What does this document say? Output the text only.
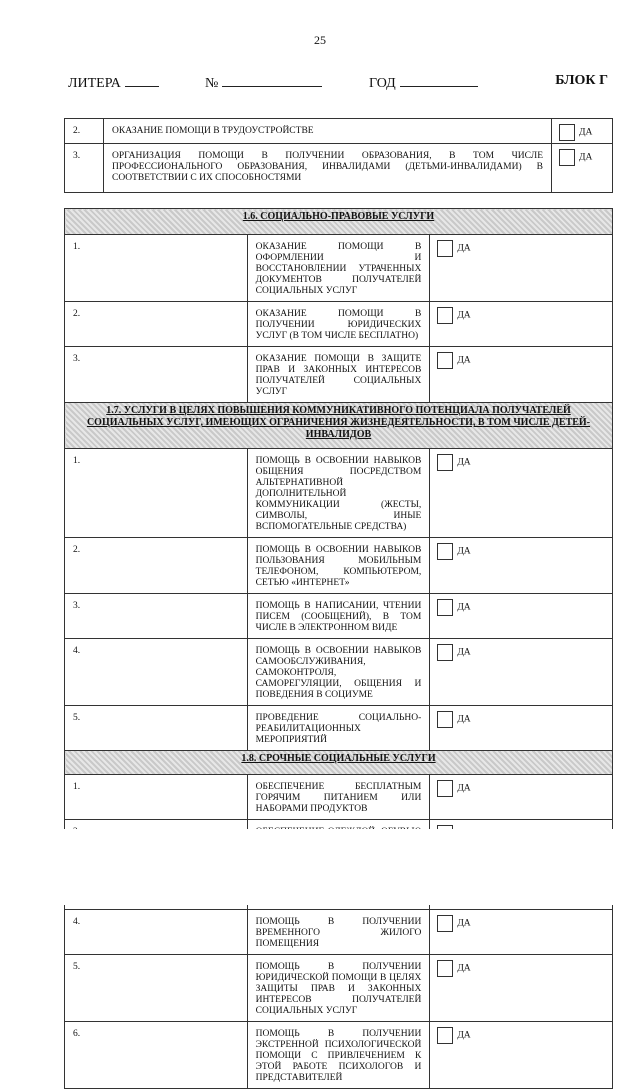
25
ЛИТЕРА	№	ГОД	БЛОК Г
2.	ОКАЗАНИЕ ПОМОЩИ В ТРУДОУСТРОЙСТВЕ	ДА
3.	ОРГАНИЗАЦИЯ ПОМОЩИ В ПОЛУЧЕНИИ ОБРАЗОВАНИЯ, В ТОМ ЧИСЛЕ ПРОФЕССИОНАЛЬНОГО ОБРАЗОВАНИЯ, ИНВАЛИДАМИ (ДЕТЬМИ-ИНВАЛИДАМИ) В СООТВЕТСТВИИ С ИХ СПОСОБНОСТЯМИ	ДА
1.6. СОЦИАЛЬНО-ПРАВОВЫЕ УСЛУГИ		
1.	ОКАЗАНИЕ ПОМОЩИ В ОФОРМЛЕНИИ И ВОССТАНОВЛЕНИИ УТРАЧЕННЫХ ДОКУМЕНТОВ ПОЛУЧАТЕЛЕЙ СОЦИАЛЬНЫХ УСЛУГ	ДА
2.	ОКАЗАНИЕ ПОМОЩИ В ПОЛУЧЕНИИ ЮРИДИЧЕСКИХ УСЛУГ (В ТОМ ЧИСЛЕ БЕСПЛАТНО)	ДА
3.	ОКАЗАНИЕ ПОМОЩИ В ЗАЩИТЕ ПРАВ И ЗАКОННЫХ ИНТЕРЕСОВ ПОЛУЧАТЕЛЕЙ СОЦИАЛЬНЫХ УСЛУГ	ДА
1.7. УСЛУГИ В ЦЕЛЯХ ПОВЫШЕНИЯ КОММУНИКАТИВНОГО ПОТЕНЦИАЛА ПОЛУЧАТЕЛЕЙ СОЦИАЛЬНЫХ УСЛУГ, ИМЕЮЩИХ ОГРАНИЧЕНИЯ ЖИЗНЕДЕЯТЕЛЬНОСТИ, В ТОМ ЧИСЛЕ ДЕТЕЙ-ИНВАЛИДОВ		
1.	ПОМОЩЬ В ОСВОЕНИИ НАВЫКОВ ОБЩЕНИЯ ПОСРЕДСТВОМ АЛЬТЕРНАТИВНОЙ ДОПОЛНИТЕЛЬНОЙ КОММУНИКАЦИИ (ЖЕСТЫ, СИМВОЛЫ, ИНЫЕ ВСПОМОГАТЕЛЬНЫЕ СРЕДСТВА)	ДА
2.	ПОМОЩЬ В ОСВОЕНИИ НАВЫКОВ ПОЛЬЗОВАНИЯ МОБИЛЬНЫМ ТЕЛЕФОНОМ, КОМПЬЮТЕРОМ, СЕТЬЮ «ИНТЕРНЕТ»	ДА
3.	ПОМОЩЬ В НАПИСАНИИ, ЧТЕНИИ ПИСЕМ (СООБЩЕНИЙ), В ТОМ ЧИСЛЕ В ЭЛЕКТРОННОМ ВИДЕ	ДА
4.	ПОМОЩЬ В ОСВОЕНИИ НАВЫКОВ САМООБСЛУЖИВАНИЯ, САМОКОНТРОЛЯ, САМОРЕГУЛЯЦИИ, ОБЩЕНИЯ И ПОВЕДЕНИЯ В СОЦИУМЕ	ДА
5.	ПРОВЕДЕНИЕ СОЦИАЛЬНО-РЕАБИЛИТАЦИОННЫХ МЕРОПРИЯТИЙ	ДА
1.8. СРОЧНЫЕ СОЦИАЛЬНЫЕ УСЛУГИ		
1.	ОБЕСПЕЧЕНИЕ БЕСПЛАТНЫМ ГОРЯЧИМ ПИТАНИЕМ ИЛИ НАБОРАМИ ПРОДУКТОВ	ДА

4.	ПОМОЩЬ В ПОЛУЧЕНИИ ВРЕМЕННОГО ЖИЛОГО ПОМЕЩЕНИЯ	ДА
5.	ПОМОЩЬ В ПОЛУЧЕНИИ ЮРИДИЧЕСКОЙ ПОМОЩИ В ЦЕЛЯХ ЗАЩИТЫ ПРАВ И ЗАКОННЫХ ИНТЕРЕСОВ ПОЛУЧАТЕЛЕЙ СОЦИАЛЬНЫХ УСЛУГ	ДА
6.	ПОМОЩЬ В ПОЛУЧЕНИИ ЭКСТРЕННОЙ ПСИХОЛОГИЧЕСКОЙ ПОМОЩИ С ПРИВЛЕЧЕНИЕМ К ЭТОЙ РАБОТЕ ПСИХОЛОГОВ И ПРЕДСТАВИТЕЛЕЙ	ДА
